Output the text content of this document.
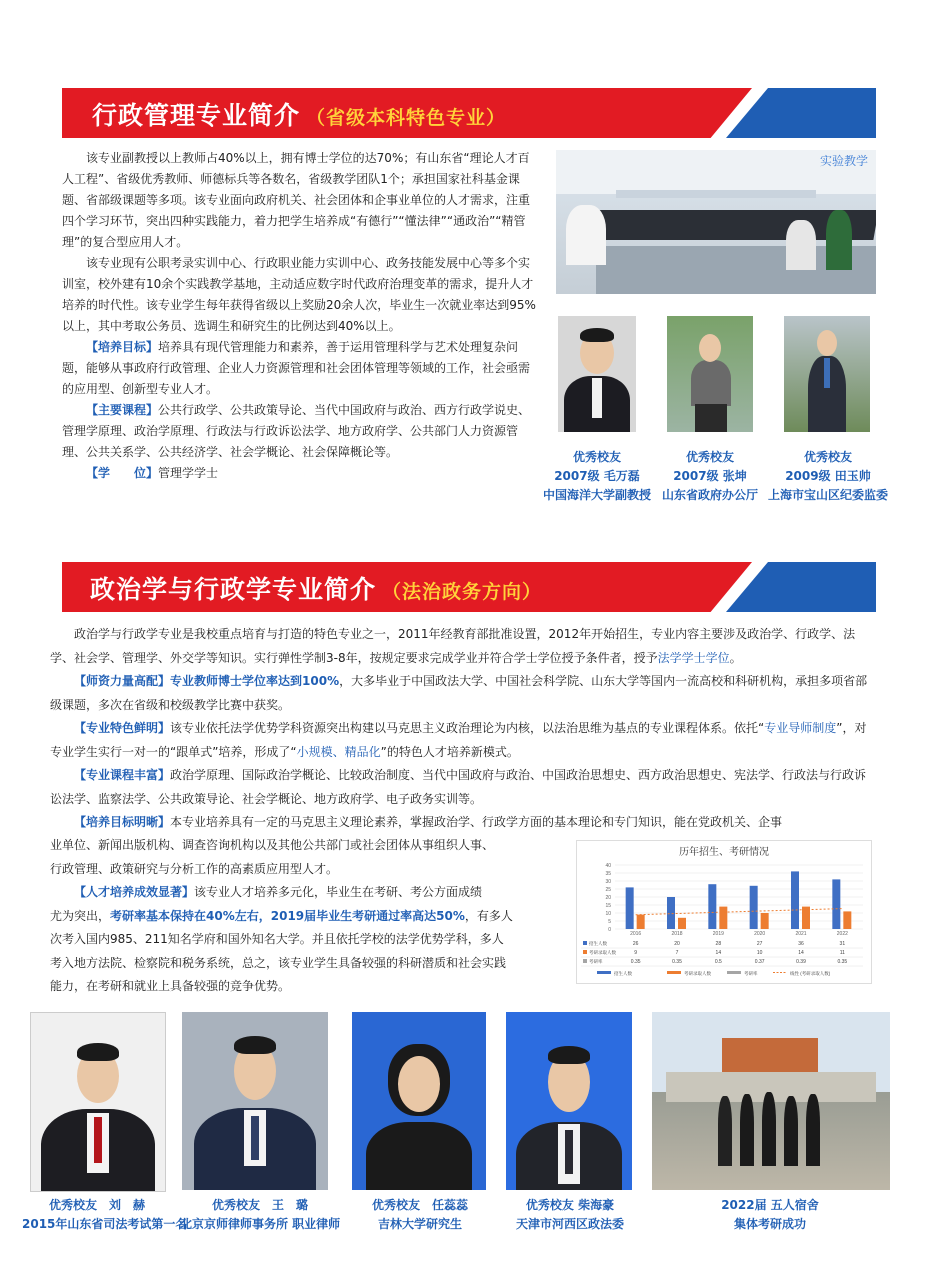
行政管理专业简介 （省级本科特色专业）

该专业副教授以上教师占40%以上，拥有博士学位的达70%；有山东省“理论人才百人工程”、省级优秀教师、师德标兵等各数名，省级教学团队1个；承担国家社科基金课题、省部级课题等多项。该专业面向政府机关、社会团体和企事业单位的人才需求，注重四个学习环节，突出四种实践能力，着力把学生培养成“有德行”“懂法律”“通政治”“精管理”的复合型应用人才。

该专业现有公职考录实训中心、行政职业能力实训中心、政务技能发展中心等多个实训室，校外建有10余个实践教学基地，主动适应数字时代政府治理变革的需求，提升人才培养的时代性。该专业学生每年获得省级以上奖励20余人次，毕业生一次就业率达到95%以上，其中考取公务员、选调生和研究生的比例达到40%以上。

【培养目标】培养具有现代管理能力和素养，善于运用管理科学与艺术处理复杂问题，能够从事政府行政管理、企业人力资源管理和社会团体管理等领域的工作，社会亟需的应用型、创新型专业人才。

【主要课程】公共行政学、公共政策导论、当代中国政府与政治、西方行政学说史、管理学原理、政治学原理、行政法与行政诉讼法学、地方政府学、公共部门人力资源管理、公共关系学、公共经济学、社会学概论、社会保障概论等。

【学　　位】管理学学士

实验教学
优秀校友
2007级 毛万磊
中国海洋大学副教授
优秀校友
2007级 张坤
山东省政府办公厅
优秀校友
2009级 田玉帅
上海市宝山区纪委监委
政治学与行政学专业简介 （法治政务方向）

政治学与行政学专业是我校重点培育与打造的特色专业之一，2011年经教育部批准设置，2012年开始招生，专业内容主要涉及政治学、行政学、法学、社会学、管理学、外交学等知识。实行弹性学制3-8年，按规定要求完成学业并符合学士学位授予条件者，授予法学学士学位。

【师资力量高配】专业教师博士学位率达到100%，大多毕业于中国政法大学、中国社会科学院、山东大学等国内一流高校和科研机构，承担多项省部级课题，多次在省级和校级教学比赛中获奖。

【专业特色鲜明】该专业依托法学优势学科资源突出构建以马克思主义政治理论为内核，以法治思维为基点的专业课程体系。依托“专业导师制度”，对专业学生实行一对一的“跟单式”培养，形成了“小规模、精品化”的特色人才培养新模式。

【专业课程丰富】政治学原理、国际政治学概论、比较政治制度、当代中国政府与政治、中国政治思想史、西方政治思想史、宪法学、行政法与行政诉讼法学、监察法学、公共政策导论、社会学概论、地方政府学、电子政务实训等。

【培养目标明晰】本专业培养具有一定的马克思主义理论素养，掌握政治学、行政学方面的基本理论和专门知识，能在党政机关、企事

业单位、新闻出版机构、调查咨询机构以及其他公共部门或社会团体从事组织人事、
行政管理、政策研究与分析工作的高素质应用型人才。
【人才培养成效显著】该专业人才培养多元化，毕业生在考研、考公方面成绩
尤为突出，考研率基本保持在40%左右，2019届毕业生考研通过率高达50%，有多人
次考入国内985、211知名学府和国外知名大学。并且依托学校的法学优势学科，多人
考入地方法院、检察院和税务系统，总之，该专业学生具备较强的科研潜质和社会实践
能力，在考研和就业上具备较强的竞争优势。
历年招生、考研情况
40
35
30
25
20
15
10
5
0
2016	2018	2019	2020	2021	2022
招生人数	26	20	28	27	36	31
考研录取人数	9	7	14	10	14	11
考研率	0.35	0.35	0.5	0.37	0.39	0.35
招生人数	考研录取人数	考研率	线性 (考研录取人数)
优秀校友　刘　赫
2015年山东省司法考试第一名
优秀校友　王　璐
北京京师律师事务所 职业律师
优秀校友　任蕊蕊
吉林大学研究生
优秀校友 柴海豪
天津市河西区政法委
2022届 五人宿舍
集体考研成功
